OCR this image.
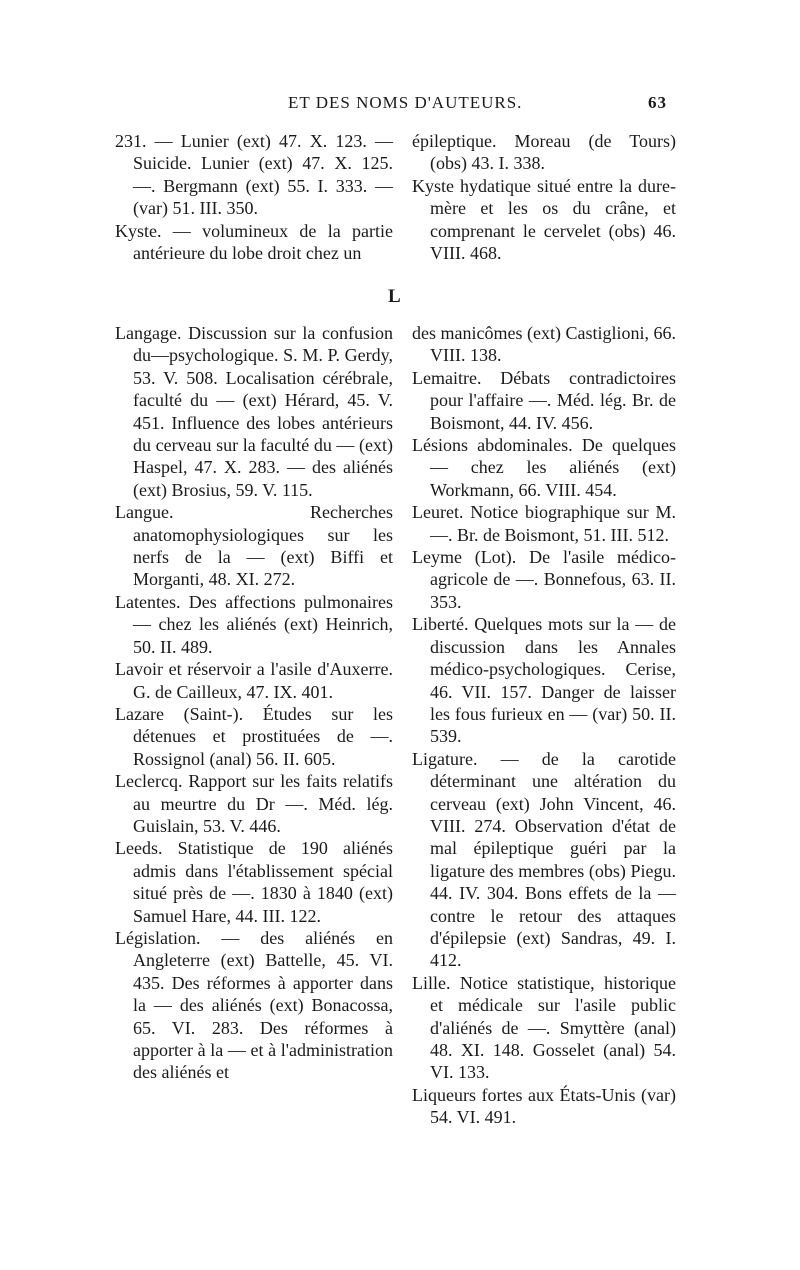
ET DES NOMS D'AUTEURS.	63

231. — Lunier (ext) 47. X. 123. — Suicide. Lunier (ext) 47. X. 125. —. Bergmann (ext) 55. I. 333. — (var) 51. III. 350.

Kyste. — volumineux de la partie antérieure du lobe droit chez un

épileptique. Moreau (de Tours) (obs) 43. I. 338.

Kyste hydatique situé entre la dure-mère et les os du crâne, et comprenant le cervelet (obs) 46. VIII. 468.

L

Langage. Discussion sur la confusion du—psychologique. S. M. P. Gerdy, 53. V. 508. Localisation cérébrale, faculté du — (ext) Hérard, 45. V. 451. Influence des lobes antérieurs du cerveau sur la faculté du — (ext) Haspel, 47. X. 283. — des aliénés (ext) Brosius, 59. V. 115.

Langue. Recherches anatomophysiologiques sur les nerfs de la — (ext) Biffi et Morganti, 48. XI. 272.

Latentes. Des affections pulmonaires — chez les aliénés (ext) Heinrich, 50. II. 489.

Lavoir et réservoir a l'asile d'Auxerre. G. de Cailleux, 47. IX. 401.

Lazare (Saint-). Études sur les détenues et prostituées de —. Rossignol (anal) 56. II. 605.

Leclercq. Rapport sur les faits relatifs au meurtre du Dr —. Méd. lég. Guislain, 53. V. 446.

Leeds. Statistique de 190 aliénés admis dans l'établissement spécial situé près de —. 1830 à 1840 (ext) Samuel Hare, 44. III. 122.

Législation. — des aliénés en Angleterre (ext) Battelle, 45. VI. 435. Des réformes à apporter dans la — des aliénés (ext) Bonacossa, 65. VI. 283. Des réformes à apporter à la — et à l'administration des aliénés et

des manicômes (ext) Castiglioni, 66. VIII. 138.

Lemaitre. Débats contradictoires pour l'affaire —. Méd. lég. Br. de Boismont, 44. IV. 456.

Lésions abdominales. De quelques — chez les aliénés (ext) Workmann, 66. VIII. 454.

Leuret. Notice biographique sur M. —. Br. de Boismont, 51. III. 512.

Leyme (Lot). De l'asile médico-agricole de —. Bonnefous, 63. II. 353.

Liberté. Quelques mots sur la — de discussion dans les Annales médico-psychologiques. Cerise, 46. VII. 157. Danger de laisser les fous furieux en — (var) 50. II. 539.

Ligature. — de la carotide déterminant une altération du cerveau (ext) John Vincent, 46. VIII. 274. Observation d'état de mal épileptique guéri par la ligature des membres (obs) Piegu. 44. IV. 304. Bons effets de la — contre le retour des attaques d'épilepsie (ext) Sandras, 49. I. 412.

Lille. Notice statistique, historique et médicale sur l'asile public d'aliénés de —. Smyttère (anal) 48. XI. 148. Gosselet (anal) 54. VI. 133.

Liqueurs fortes aux États-Unis (var) 54. VI. 491.
